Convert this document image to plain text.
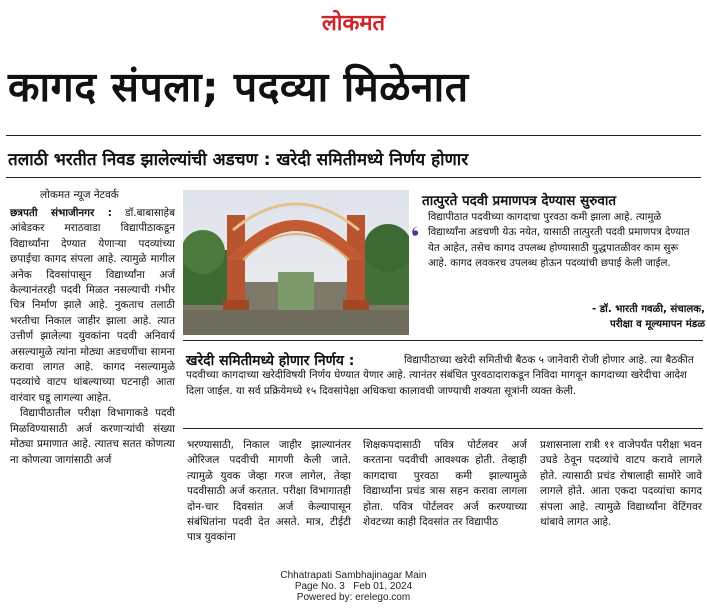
लोकमत
कागद संपला; पदव्या मिळेनात
तलाठी भरतीत निवड झालेल्यांची अडचण : खरेदी समितीमध्ये निर्णय होणार
लोकमत न्यूज नेटवर्क

छत्रपती संभाजीनगर : डॉ.बाबासाहेब आंबेडकर मराठवाडा विद्यापीठाकडून विद्यार्थ्यांना देण्यात येणाऱ्या पदव्यांच्या छपाईचा कागद संपला आहे. त्यामुळे मागील अनेक दिवसांपासून विद्यार्थ्यांना अर्ज केल्यानंतरही पदवी मिळत नसल्याची गंभीर चित्र निर्माण झाले आहे. नुकताच तलाठी भरतीचा निकाल जाहीर झाला आहे. त्यात उत्तीर्ण झालेल्या युवकांना पदवी अनिवार्य असल्यामुळे त्यांना मोठ्या अडचणींचा सामना करावा लागत आहे. कागद नसल्यामुळे पदव्यांचे वाटप थांबल्याच्या घटनाही आता वारंवार घडू लागल्या आहेत.

विद्यापीठातील परीक्षा विभागाकडे पदवी मिळविण्यासाठी अर्ज करणाऱ्यांची संख्या मोठ्या प्रमाणात आहे. त्यातच सतत कोणत्या ना कोणत्या जागांसाठी अर्ज

तात्पुरते पदवी प्रमाणपत्र देण्यास सुरुवात
विद्यापीठात पदवीच्या कागदाचा पुरवठा कमी झाला आहे. त्यामुळे विद्यार्थ्यांना अडचणी येऊ नयेत, यासाठी तात्पुरती पदवी प्रमाणपत्र देण्यात येत आहेत, तसेच कागद उपलब्ध होण्यासाठी युद्धपातळीवर काम सुरू आहे. कागद लवकरच उपलब्ध होऊन पदव्यांची छपाई केली जाईल.
- डॉ. भारती गवळी, संचालक,
परीक्षा व मूल्यमापन मंडळ
खरेदी समितीमध्ये होणार निर्णय :	विद्यापीठाच्या खरेदी समितीची बैठक ५ जानेवारी रोजी होणार आहे. त्या बैठकीत पदवीच्या कागदाच्या खरेदीविषयी निर्णय घेण्यात येणार आहे. त्यानंतर संबंधित पुरवठादाराकडून निविदा मागवून कागदाच्या खरेदीचा आदेश दिला जाईल. या सर्व प्रक्रियेमध्ये १५ दिवसांपेक्षा अधिकचा कालावधी जाण्याची शक्यता सूत्रांनी व्यक्त केली.

भरण्यासाठी, निकाल जाहीर झाल्यानंतर ओरिजल पदवीची मागणी केली जाते. त्यामुळे युवक जेव्हा गरज लागेल, तेव्हा पदवीसाठी अर्ज करतात. परीक्षा विभागातही दोन-चार दिवसांत अर्ज केल्यापासून संबंधितांना पदवी देत असते. मात्र, टीईटी पात्र युवकांना

शिक्षकपदासाठी पवित्र पोर्टलवर अर्ज करताना पदवीची आवश्यक होती. तेव्हाही कागदाचा पुरवठा कमी झाल्यामुळे विद्यार्थ्यांना प्रचंड त्रास सहन करावा लागला होता. पवित्र पोर्टलवर अर्ज करण्याच्या शेवटच्या काही दिवसांत तर विद्यापीठ

प्रशासनाला रात्री ११ वाजेपर्यंत परीक्षा भवन उघडे ठेवून पदव्यांचे वाटप करावे लागले होते. त्यासाठी प्रचंड रोषालाही सामोरे जावे लागले होते. आता एकदा पदव्यांचा कागद संपला आहे. त्यामुळे विद्यार्थ्यांना वेटिंगवर थांबावे लागत आहे.

Chhatrapati Sambhajinagar Main
Page No. 3 Feb 01, 2024
Powered by: erelego.com
